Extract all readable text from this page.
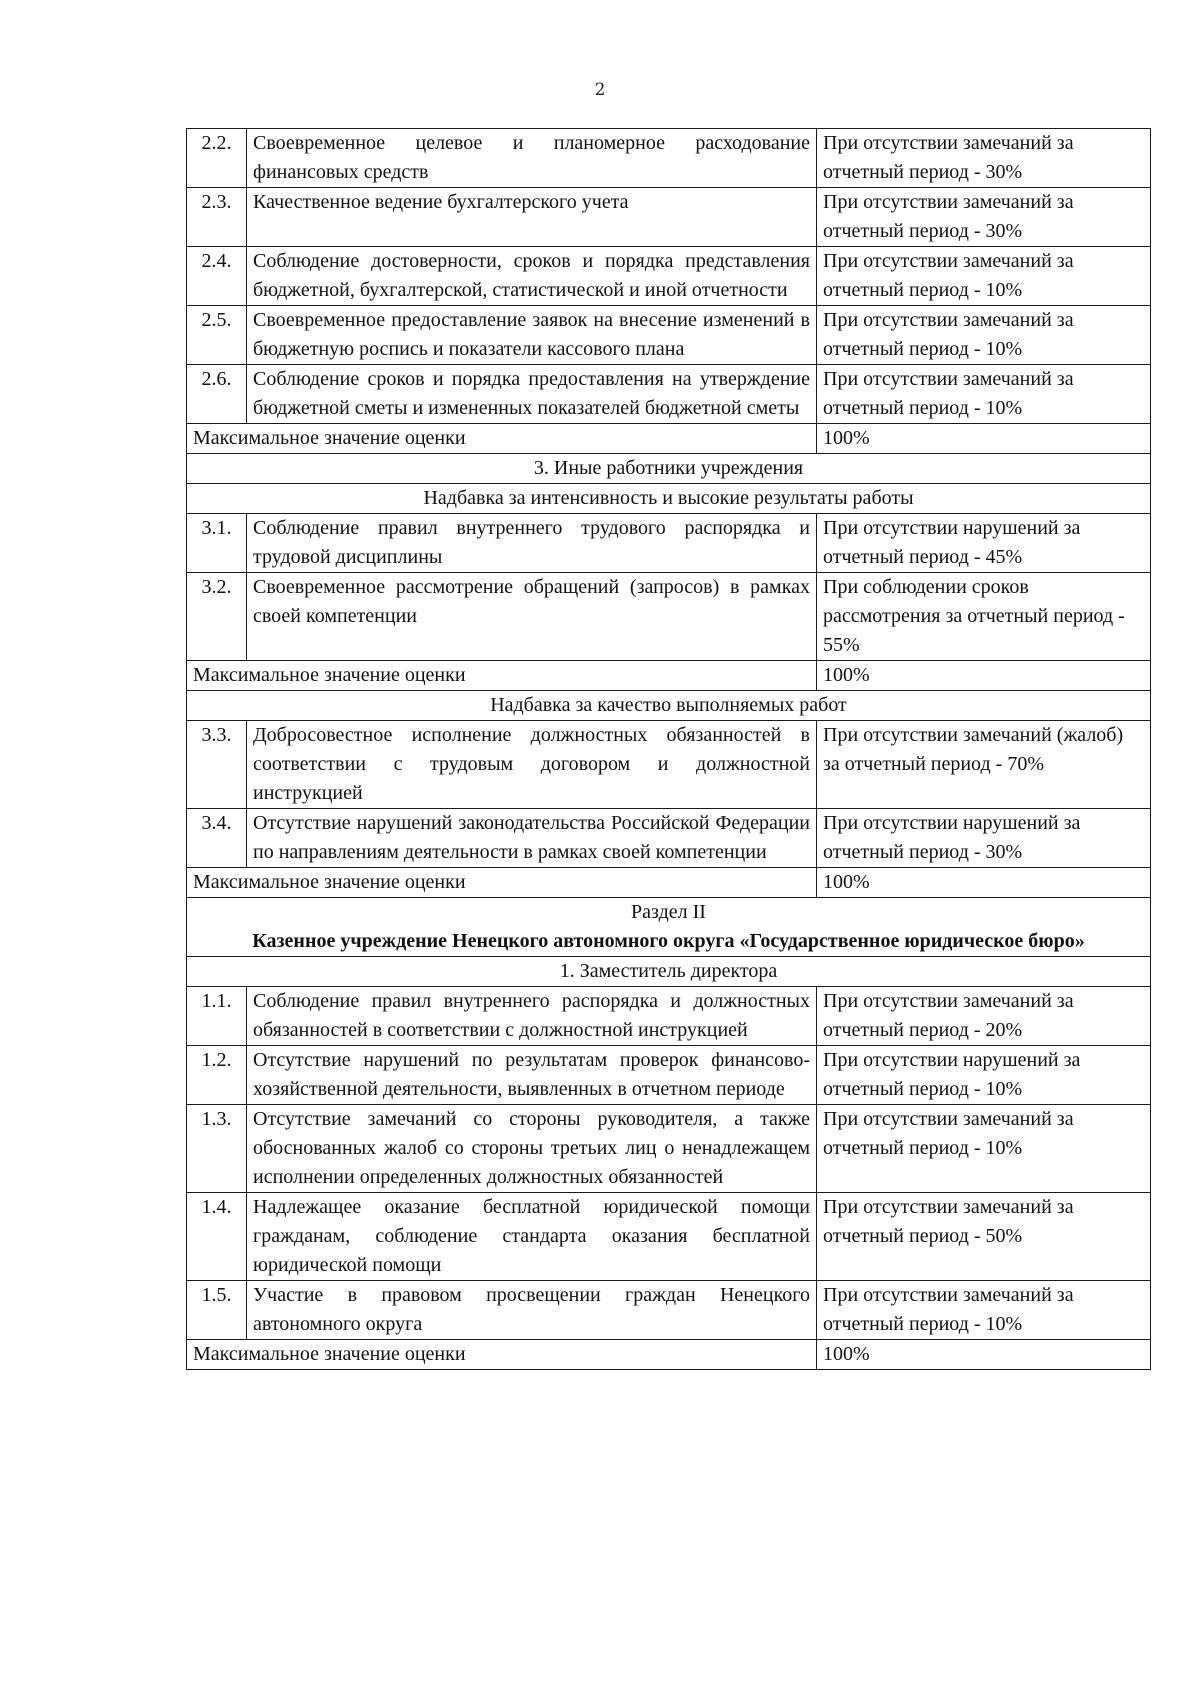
2
2.2.	Своевременное целевое и планомерное расходование финансовых средств	При отсутствии замечаний за отчетный период - 30%
2.3.	Качественное ведение бухгалтерского учета	При отсутствии замечаний за отчетный период - 30%
2.4.	Соблюдение достоверности, сроков и порядка представления бюджетной, бухгалтерской, статистической и иной отчетности	При отсутствии замечаний за отчетный период - 10%
2.5.	Своевременное предоставление заявок на внесение изменений в бюджетную роспись и показатели кассового плана	При отсутствии замечаний за отчетный период - 10%
2.6.	Соблюдение сроков и порядка предоставления на утверждение бюджетной сметы и измененных показателей бюджетной сметы	При отсутствии замечаний за отчетный период - 10%
Максимальное значение оценки		100%
3. Иные работники учреждения		
Надбавка за интенсивность и высокие результаты работы		
3.1.	Соблюдение правил внутреннего трудового распорядка и трудовой дисциплины	При отсутствии нарушений за отчетный период - 45%
3.2.	Своевременное рассмотрение обращений (запросов) в рамках своей компетенции	При соблюдении сроков рассмотрения за отчетный период - 55%
Максимальное значение оценки		100%
Надбавка за качество выполняемых работ		
3.3.	Добросовестное исполнение должностных обязанностей в соответствии с трудовым договором и должностной инструкцией	При отсутствии замечаний (жалоб) за отчетный период - 70%
3.4.	Отсутствие нарушений законодательства Российской Федерации по направлениям деятельности в рамках своей компетенции	При отсутствии нарушений за отчетный период - 30%
Максимальное значение оценки		100%

Раздел II
Казенное учреждение Ненецкого автономного округа «Государственное юридическое бюро»		

1. Заместитель директора		
1.1.	Соблюдение правил внутреннего распорядка и должностных обязанностей в соответствии с должностной инструкцией	При отсутствии замечаний за отчетный период - 20%
1.2.	Отсутствие нарушений по результатам проверок финансово-хозяйственной деятельности, выявленных в отчетном периоде	При отсутствии нарушений за отчетный период - 10%
1.3.	Отсутствие замечаний со стороны руководителя, а также обоснованных жалоб со стороны третьих лиц о ненадлежащем исполнении определенных должностных обязанностей	При отсутствии замечаний за отчетный период - 10%
1.4.	Надлежащее оказание бесплатной юридической помощи гражданам, соблюдение стандарта оказания бесплатной юридической помощи	При отсутствии замечаний за отчетный период - 50%
1.5.	Участие в правовом просвещении граждан Ненецкого автономного округа	При отсутствии замечаний за отчетный период - 10%
Максимальное значение оценки		100%
